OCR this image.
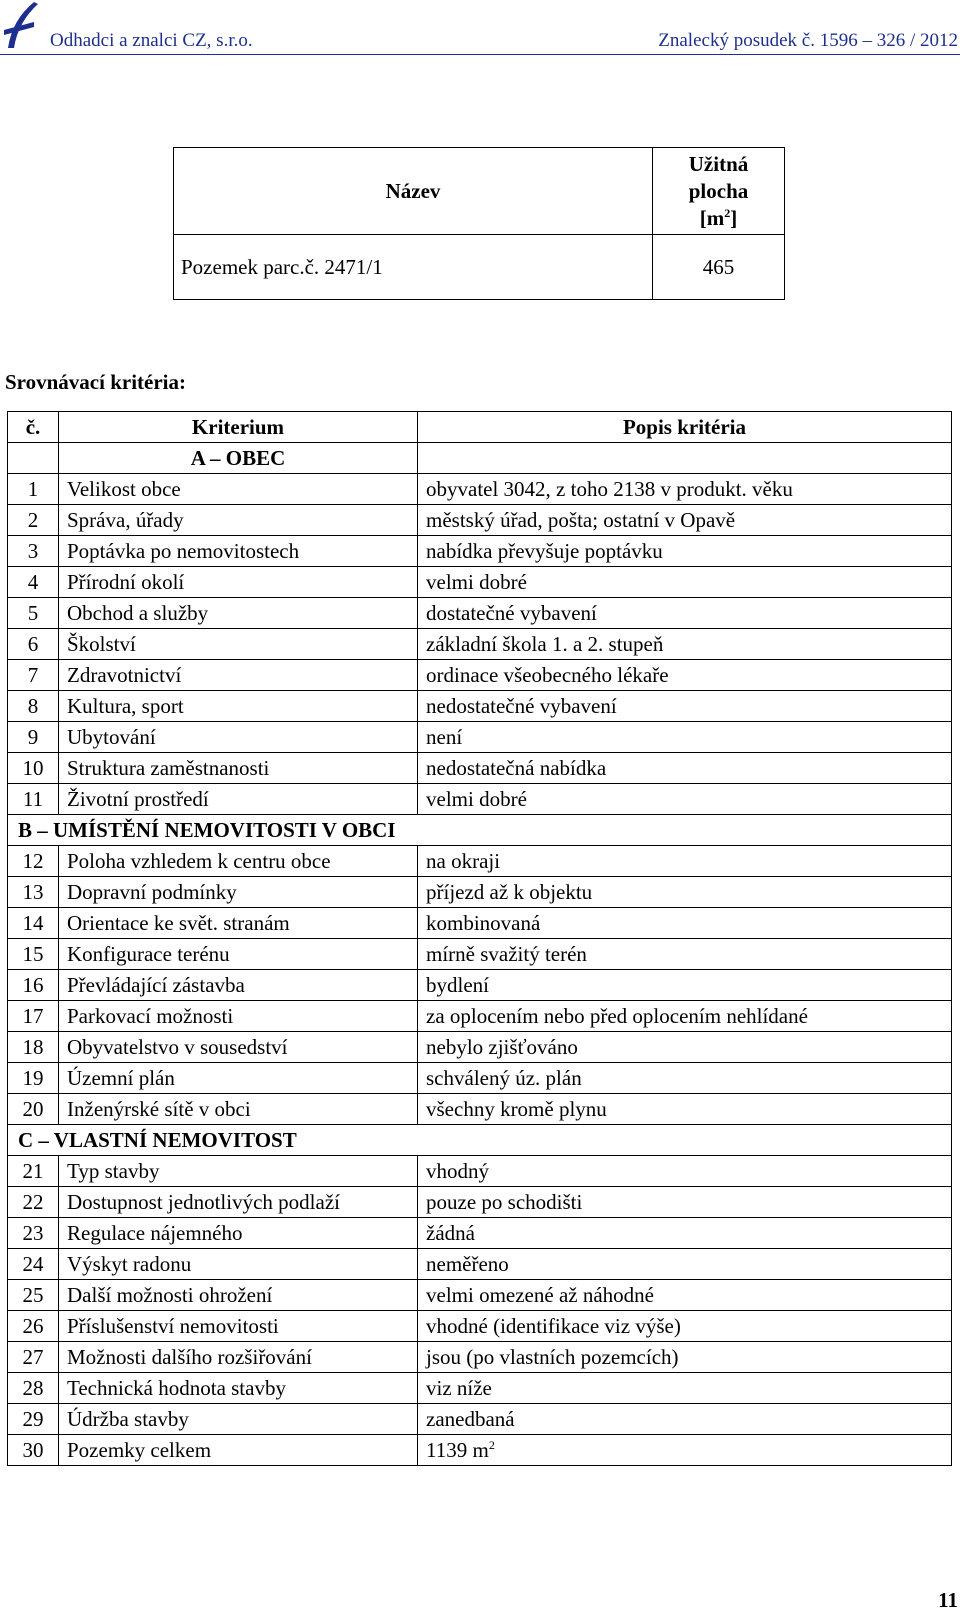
Odhadci a znalci CZ, s.r.o.	Znalecký posudek č. 1596 – 326 / 2012
Název	Užitná
plocha
$[m^2]$
Pozemek parc.č. 2471/1	465
Srovnávací kritéria:
č.	Kriterium	Popis kritéria
	A – OBEC	
1	Velikost obce	obyvatel 3042, z toho 2138 v produkt. věku
2	Správa, úřady	městský úřad, pošta; ostatní v Opavě
3	Poptávka po nemovitostech	nabídka převyšuje poptávku
4	Přírodní okolí	velmi dobré
5	Obchod a služby	dostatečné vybavení
6	Školství	základní škola 1. a 2. stupeň
7	Zdravotnictví	ordinace všeobecného lékaře
8	Kultura, sport	nedostatečné vybavení
9	Ubytování	není
10	Struktura zaměstnanosti	nedostatečná nabídka
11	Životní prostředí	velmi dobré
B – UMÍSTĚNÍ NEMOVITOSTI V OBCI		
12	Poloha vzhledem k centru obce	na okraji
13	Dopravní podmínky	příjezd až k objektu
14	Orientace ke svět. stranám	kombinovaná
15	Konfigurace terénu	mírně svažitý terén
16	Převládající zástavba	bydlení
17	Parkovací možnosti	za oplocením nebo před oplocením nehlídané
18	Obyvatelstvo v sousedství	nebylo zjišťováno
19	Územní plán	schválený úz. plán
20	Inženýrské sítě v obci	všechny kromě plynu
C – VLASTNÍ NEMOVITOST		
21	Typ stavby	vhodný
22	Dostupnost jednotlivých podlaží	pouze po schodišti
23	Regulace nájemného	žádná
24	Výskyt radonu	neměřeno
25	Další možnosti ohrožení	velmi omezené až náhodné
26	Příslušenství nemovitosti	vhodné (identifikace viz výše)
27	Možnosti dalšího rozšiřování	jsou (po vlastních pozemcích)
28	Technická hodnota stavby	viz níže
29	Údržba stavby	zanedbaná
30	Pozemky celkem	1139 $m^2$
11
